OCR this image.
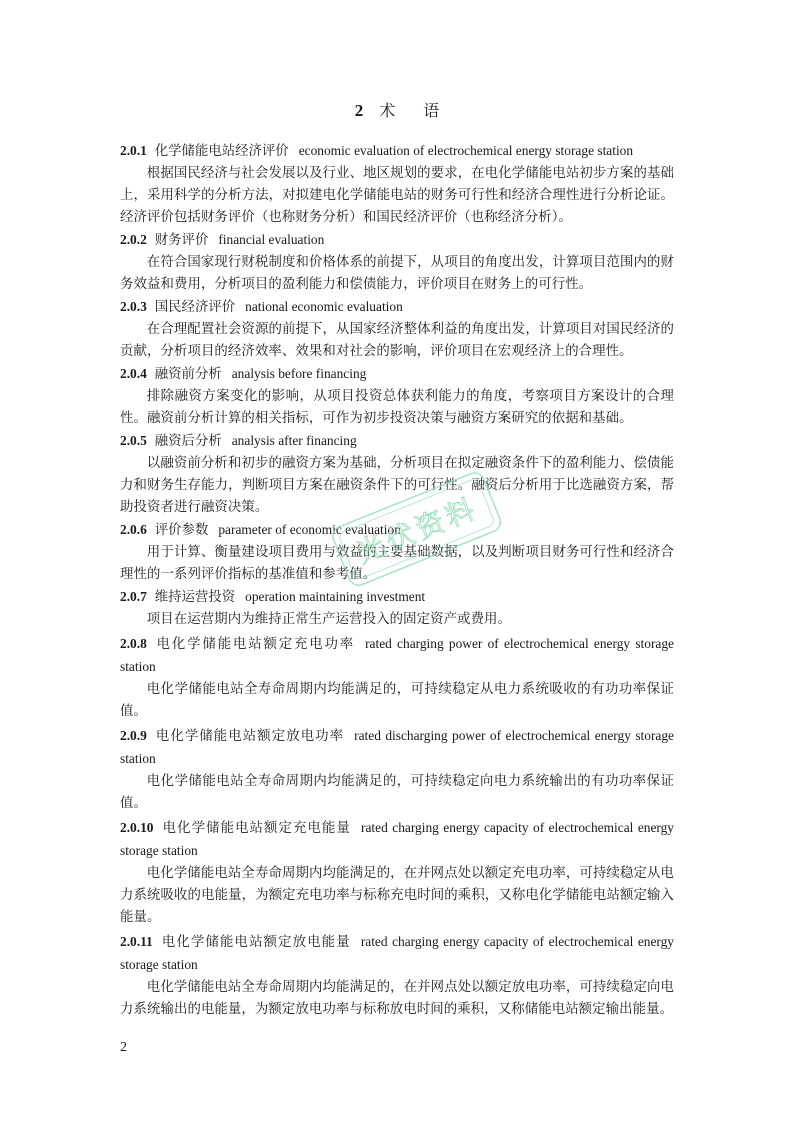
2 术 语

2.0.1 化学储能电站经济评价 economic evaluation of electrochemical energy storage station

根据国民经济与社会发展以及行业、地区规划的要求，在电化学储能电站初步方案的基础上，采用科学的分析方法，对拟建电化学储能电站的财务可行性和经济合理性进行分析论证。经济评价包括财务评价（也称财务分析）和国民经济评价（也称经济分析）。

2.0.2 财务评价 financial evaluation

在符合国家现行财税制度和价格体系的前提下，从项目的角度出发，计算项目范围内的财务效益和费用，分析项目的盈利能力和偿债能力，评价项目在财务上的可行性。

2.0.3 国民经济评价 national economic evaluation

在合理配置社会资源的前提下，从国家经济整体利益的角度出发，计算项目对国民经济的贡献，分析项目的经济效率、效果和对社会的影响，评价项目在宏观经济上的合理性。

2.0.4 融资前分析 analysis before financing

排除融资方案变化的影响，从项目投资总体获利能力的角度，考察项目方案设计的合理性。融资前分析计算的相关指标，可作为初步投资决策与融资方案研究的依据和基础。

2.0.5 融资后分析 analysis after financing

以融资前分析和初步的融资方案为基础，分析项目在拟定融资条件下的盈利能力、偿债能力和财务生存能力，判断项目方案在融资条件下的可行性。融资后分析用于比选融资方案，帮助投资者进行融资决策。

2.0.6 评价参数 parameter of economic evaluation

用于计算、衡量建设项目费用与效益的主要基础数据，以及判断项目财务可行性和经济合理性的一系列评价指标的基准值和参考值。

2.0.7 维持运营投资 operation maintaining investment

项目在运营期内为维持正常生产运营投入的固定资产或费用。

2.0.8 电化学储能电站额定充电功率 rated charging power of electrochemical energy storage station

电化学储能电站全寿命周期内均能满足的，可持续稳定从电力系统吸收的有功功率保证值。

2.0.9 电化学储能电站额定放电功率 rated discharging power of electrochemical energy storage station

电化学储能电站全寿命周期内均能满足的，可持续稳定向电力系统输出的有功功率保证值。

2.0.10 电化学储能电站额定充电能量 rated charging energy capacity of electrochemical energy storage station

电化学储能电站全寿命周期内均能满足的，在并网点处以额定充电功率，可持续稳定从电力系统吸收的电能量，为额定充电功率与标称充电时间的乘积，又称电化学储能电站额定输入能量。

2.0.11 电化学储能电站额定放电能量 rated charging energy capacity of electrochemical energy storage station

电化学储能电站全寿命周期内均能满足的，在并网点处以额定放电功率，可持续稳定向电力系统输出的电能量，为额定放电功率与标称放电时间的乘积，又称储能电站额定输出能量。

光伏资料
2
